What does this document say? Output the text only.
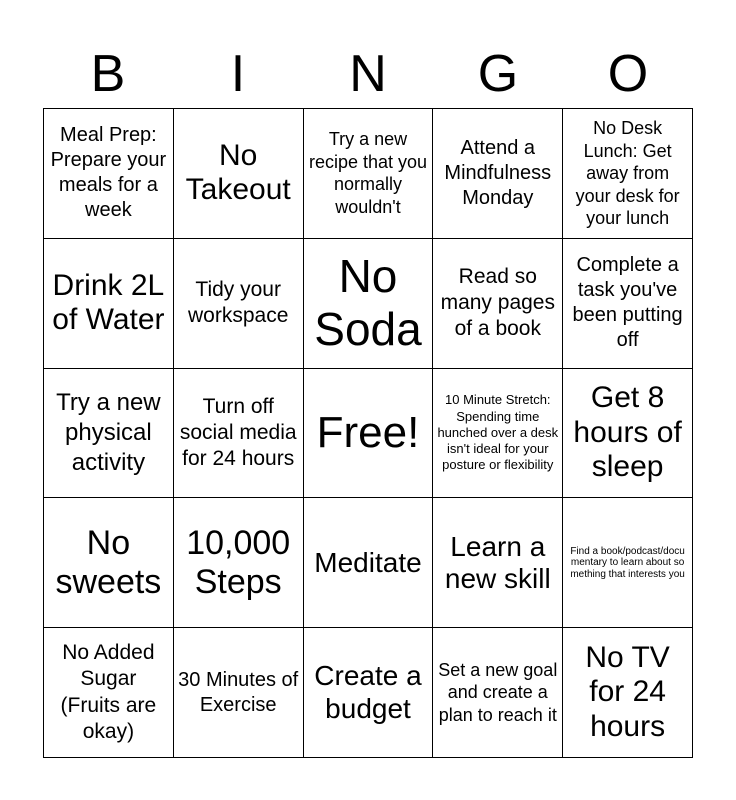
B	I	N	G	O
Meal Prep: Prepare your meals for a week
No Takeout
Try a new recipe that you normally wouldn't
Attend a Mindfulness Monday
No Desk Lunch: Get away from your desk for your lunch
Drink 2L of Water
Tidy your workspace
No Soda
Read so many pages of a book
Complete a task you've been putting off
Try a new physical activity
Turn off social media for 24 hours
Free!
10 Minute Stretch: Spending time hunched over a desk isn't ideal for your posture or flexibility
Get 8 hours of sleep
No sweets
10,000 Steps
Meditate
Learn a new skill
Find a book/podcast/documentary to learn about something that interests you
No Added Sugar (Fruits are okay)
30 Minutes of Exercise
Create a budget
Set a new goal and create a plan to reach it
No TV for 24 hours
